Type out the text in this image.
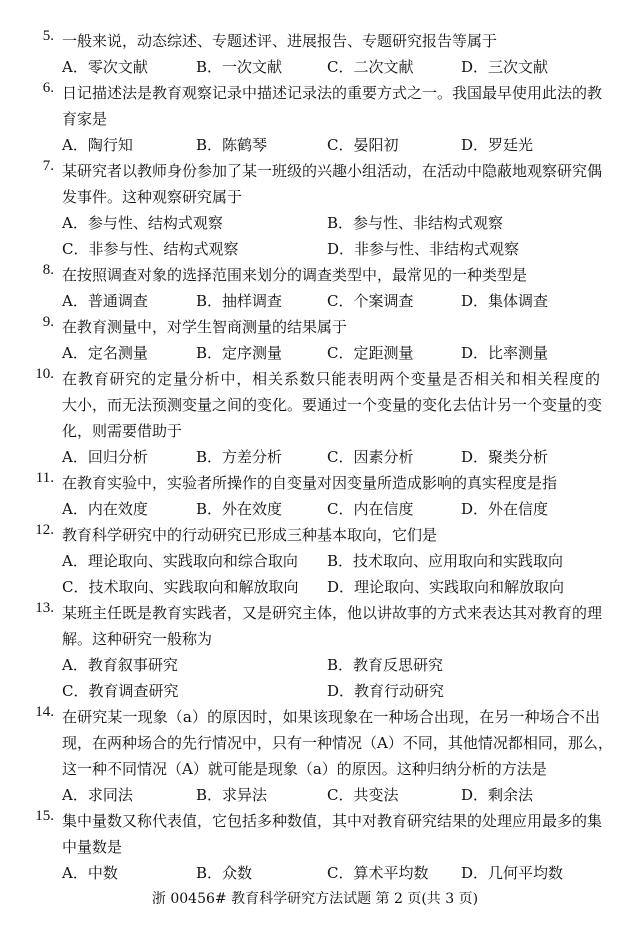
5. 一般来说，动态综述、专题述评、进展报告、专题研究报告等属于
A．零次文献	B．一次文献	C．二次文献	D．三次文献
6. 日记描述法是教育观察记录中描述记录法的重要方式之一。我国最早使用此法的教
育家是
A．陶行知	B．陈鹤琴	C．晏阳初	D．罗廷光
7. 某研究者以教师身份参加了某一班级的兴趣小组活动，在活动中隐蔽地观察研究偶
发事件。这种观察研究属于
A．参与性、结构式观察	B．参与性、非结构式观察
C．非参与性、结构式观察	D．非参与性、非结构式观察
8. 在按照调查对象的选择范围来划分的调查类型中，最常见的一种类型是
A．普通调查	B．抽样调查	C．个案调查	D．集体调查
9. 在教育测量中，对学生智商测量的结果属于
A．定名测量	B．定序测量	C．定距测量	D．比率测量
10. 在教育研究的定量分析中，相关系数只能表明两个变量是否相关和相关程度的
大小，而无法预测变量之间的变化。要通过一个变量的变化去估计另一个变量的变
化，则需要借助于
A．回归分析	B．方差分析	C．因素分析	D．聚类分析
11. 在教育实验中，实验者所操作的自变量对因变量所造成影响的真实程度是指
A．内在效度	B．外在效度	C．内在信度	D．外在信度
12. 教育科学研究中的行动研究已形成三种基本取向，它们是
A．理论取向、实践取向和综合取向 B．技术取向、应用取向和实践取向
C．技术取向、实践取向和解放取向 D．理论取向、实践取向和解放取向
13. 某班主任既是教育实践者，又是研究主体，他以讲故事的方式来表达其对教育的理
解。这种研究一般称为
A．教育叙事研究	B．教育反思研究
C．教育调查研究	D．教育行动研究
14. 在研究某一现象（a）的原因时，如果该现象在一种场合出现，在另一种场合不出
现，在两种场合的先行情况中，只有一种情况（A）不同，其他情况都相同，那么，
这一种不同情况（A）就可能是现象（a）的原因。这种归纳分析的方法是
A．求同法	B．求异法	C．共变法	D．剩余法
15. 集中量数又称代表值，它包括多种数值，其中对教育研究结果的处理应用最多的集
中量数是
A．中数	B．众数	C．算术平均数 D．几何平均数
浙 00456# 教育科学研究方法试题 第 2 页(共 3 页)
